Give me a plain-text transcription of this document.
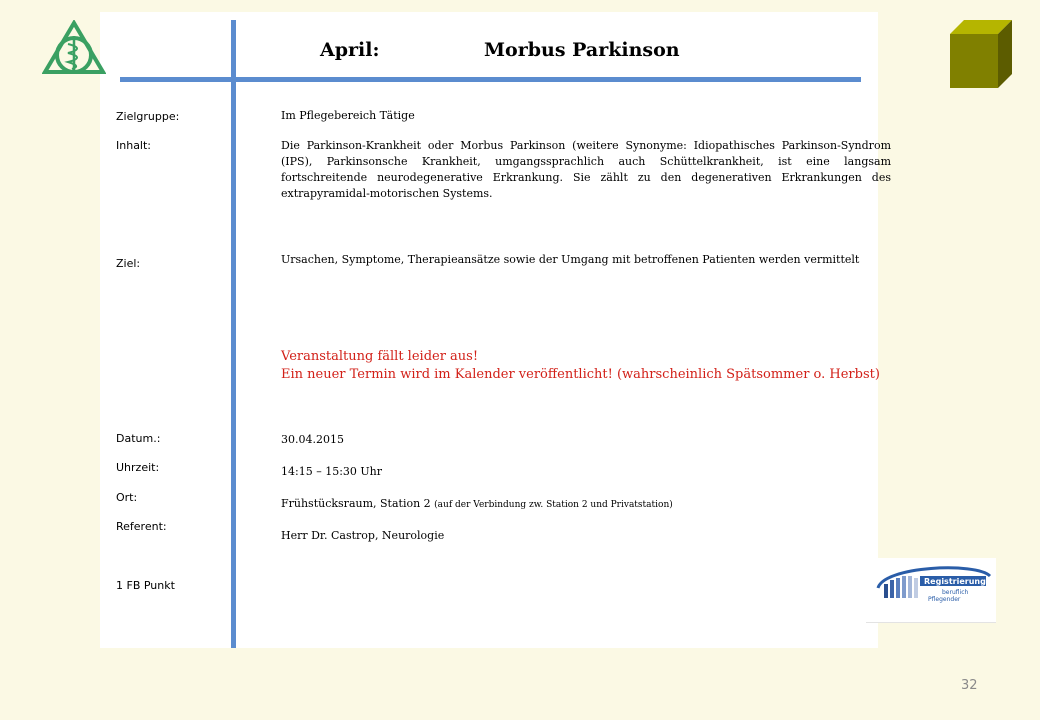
April:	Morbus Parkinson
Zielgruppe:
Inhalt:
Ziel:
Datum.:
Uhrzeit:
Ort:
Referent:
1 FB Punkt
Im Pflegebereich Tätige
Die Parkinson-Krankheit oder Morbus Parkinson (weitere Synonyme: Idiopathisches Parkinson-Syndrom (IPS), Parkinsonsche Krankheit, umgangssprachlich auch Schüttelkrankheit, ist eine langsam fortschreitende neurodegenerative Erkrankung. Sie zählt zu den degenerativen Erkrankungen des extrapyramidal-motorischen Systems.
Ursachen, Symptome, Therapieansätze sowie der Umgang mit betroffenen Patienten werden vermittelt
Veranstaltung fällt leider aus!
Ein neuer Termin wird im Kalender veröffentlicht! (wahrscheinlich Spätsommer o. Herbst)
30.04.2015
14:15 – 15:30 Uhr
Frühstücksraum, Station 2 (auf der Verbindung zw. Station 2 und Privatstation)
Herr Dr. Castrop, Neurologie
Registrierung
beruflich
Pflegender
32
